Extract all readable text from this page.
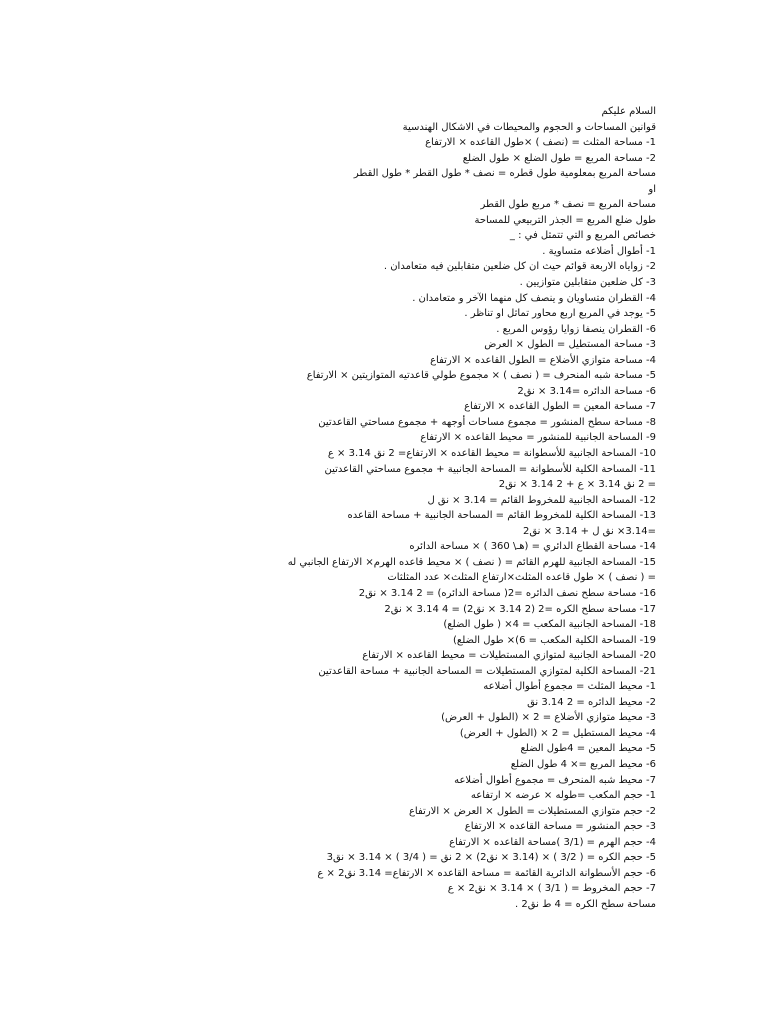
السلام عليكم
قوانين المساحات و الحجوم والمحيطات في الاشكال الهندسية
1- مساحة المثلث = (نصف ) ×طول القاعده × الارتفاع
2- مساحة المربع = طول الضلع × طول الضلع
مساحة المربع بمعلومية طول قطره = نصف * طول القطر * طول القطر
او
مساحة المربع = نصف * مربع طول القطر
طول ضلع المربع = الجذر التربيعي للمساحة
خصائص المربع و التي تتمثل في : _
1- أطوال أضلاعه متساوية .
2- زواياه الاربعة قوائم حيث ان كل ضلعين متقابلين فيه متعامدان .
3- كل ضلعين متقابلين متوازيين .
4- القطران متساويان و ينصف كل منهما الآخر و متعامدان .
5- يوجد في المربع اربع محاور تماثل او تناظر .
6- القطران ينصفا زوايا رؤوس المربع .
3- مساحة المستطيل = الطول × العرض
4- مساحة متوازي الأضلاع = الطول القاعده × الارتفاع
5- مساحة شبه المنحرف = ( نصف ) × مجموع طولي قاعدتيه المتوازيتين × الارتفاع
6- مساحة الدائره =3.14 × نق2
7- مساحة المعين = الطول القاعده × الارتفاع
8- مساحة سطح المنشور = مجموع مساحات أوجهه + مجموع مساحتي القاعدتين
9- المساحة الجانبية للمنشور = محيط القاعده × الارتفاع
10- المساحة الجانبية للأسطوانة = محيط القاعده × الارتفاع= 2 نق 3.14 × ع
11- المساحة الكلية للأسطوانة = المساحة الجانبية + مجموع مساحتي القاعدتين
= 2 نق 3.14 × ع + 2 3.14 × نق2
12- المساحة الجانبية للمخروط القائم = 3.14 × نق ل
13- المساحة الكلية للمخروط القائم = المساحة الجانبية + مساحة القاعده
=3.14× نق ل + 3.14 × نق2
14- مساحة القطاع الدائري = (هـ\ 360 ) × مساحة الدائره
15- المساحة الجانبية للهرم القائم = ( نصف ) × محيط قاعده الهرم× الارتفاع الجانبي له
= ( نصف ) × طول قاعده المثلث×ارتفاع المثلث× عدد المثلثات
16- مساحة سطح نصف الدائره =2( مساحة الدائره) = 2 3.14 × نق2
17- مساحة سطح الكره =2 (2 3.14 × نق2) = 4 3.14 × نق2
18- المساحة الجانبية المكعب = 4× ( طول الضلع)
19- المساحة الكلية المكعب = 6)× طول الضلع)
20- المساحة الجانبية لمتوازي المستطيلات = محيط القاعده × الارتفاع
21- المساحة الكلية لمتوازي المستطيلات = المساحة الجانبية + مساحة القاعدتين
1- محيط المثلث = مجموع أطوال أضلاعه
2- محيط الدائره = 2 3.14 نق
3- محيط متوازي الأضلاع = 2 × (الطول + العرض)
4- محيط المستطيل = 2 × (الطول + العرض)
5- محيط المعين = 4طول الضلع
6- محيط المربع =× 4 طول الضلع
7- محيط شبه المنحرف = مجموع أطوال أضلاعه
1- حجم المكعب =طوله × عرضه × ارتفاعه
2- حجم متوازي المستطيلات = الطول × العرض × الارتفاع
3- حجم المنشور = مساحة القاعده × الارتفاع
4- حجم الهرم = (3/1 )مساحة القاعده × الارتفاع
5- حجم الكره = ( 3/2 ) × (3.14 × نق2) × 2 نق = ( 3/4 ) × 3.14 × نق3
6- حجم الأسطوانة الدائرية القائمة = مساحة القاعده × الارتفاع= 3.14 نق2 × ع
7- حجم المخروط = ( 3/1 ) × 3.14 × نق2 × ع
مساحة سطح الكره = 4 ط نق2 .
